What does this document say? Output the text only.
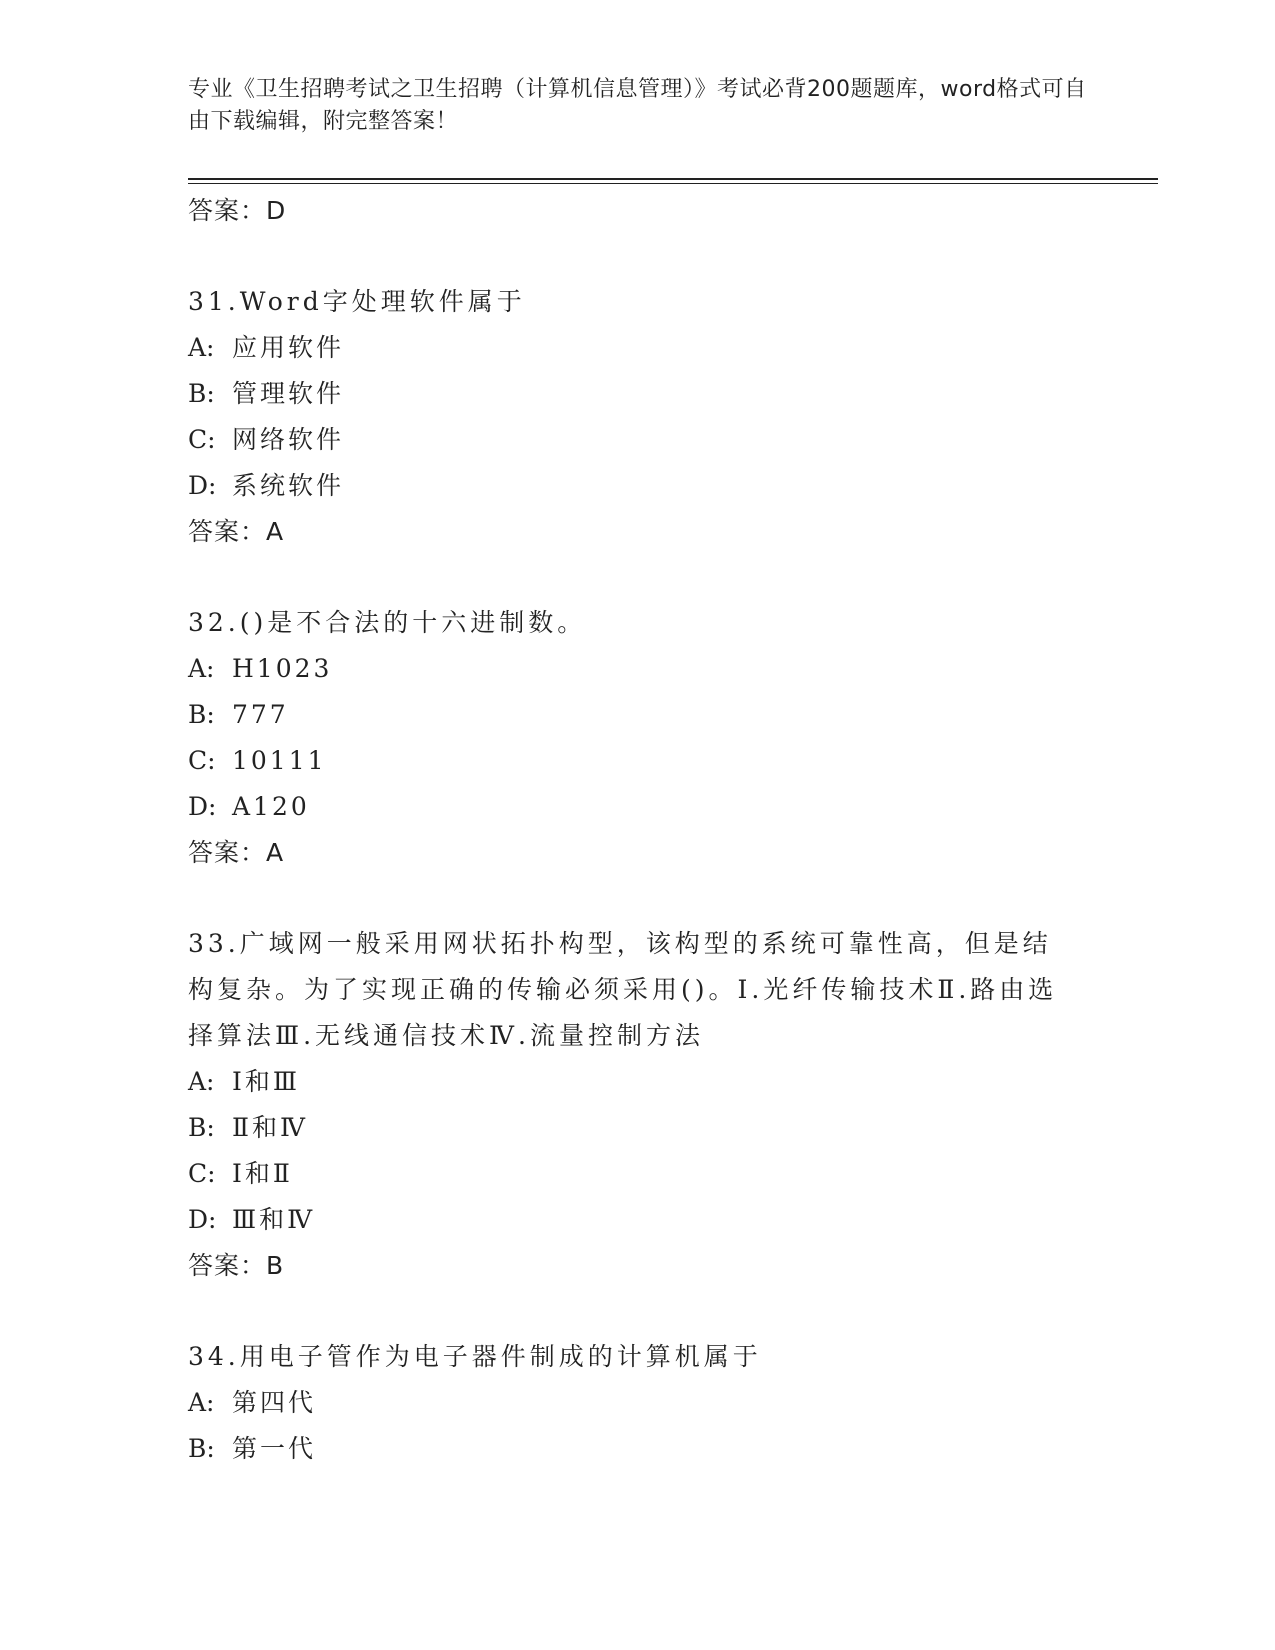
专业《卫生招聘考试之卫生招聘（计算机信息管理）》考试必背200题题库，word格式可自由下载编辑，附完整答案！
答案：D
31.Word字处理软件属于
A: 应用软件
B: 管理软件
C: 网络软件
D: 系统软件
答案：A
32.()是不合法的十六进制数。
A: H1023
B: 777
C: 10111
D: A120
答案：A
33.广域网一般采用网状拓扑构型，该构型的系统可靠性高，但是结构复杂。为了实现正确的传输必须采用()。Ⅰ.光纤传输技术Ⅱ.路由选择算法Ⅲ.无线通信技术Ⅳ.流量控制方法
A: Ⅰ和Ⅲ
B: Ⅱ和Ⅳ
C: Ⅰ和Ⅱ
D: Ⅲ和Ⅳ
答案：B
34.用电子管作为电子器件制成的计算机属于
A: 第四代
B: 第一代
